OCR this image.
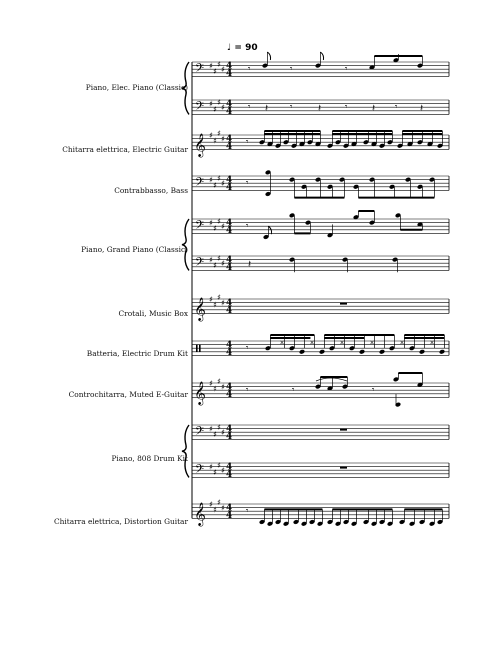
♩ = 90
Piano, Elec. Piano (Classic)
Chitarra elettrica, Electric Guitar
Contrabbasso, Bass
Piano, Grand Piano (Classic)
Crotali, Music Box
Batteria, Electric Drum Kit
Controchitarra, Muted E-Guitar
Piano, 808 Drum Kit
Chitarra elettrica, Distortion Guitar
𝄢 ♯
♯
♯
♯ 4
4
𝄢 ♯
♯
♯
♯ 4
4
𝄞 ♯
♯
♯
♯ 4
4
𝄢 ♯
♯
♯
♯ 4
4
𝄢 ♯
♯
♯
♯ 4
4
𝄢 ♯
♯
♯
♯ 4
4
𝄞 ♯
♯
♯
♯ 4
4
4
4
𝄞 ♯
♯
♯
♯ 4
4
𝄢 ♯
♯
♯
♯ 4
4
𝄢 ♯
♯
♯
♯ 4
4
𝄞 ♯
♯
♯
♯ 4
4
𝄾	𝄾	𝄾
𝄾	𝄾	𝄾	𝄾
𝄽	𝄽	𝄽	𝄽
𝄾
𝄾
𝄾
𝄽
𝄾
×	×	×	×	×	×
𝄾	𝄾	𝄾
𝄾
